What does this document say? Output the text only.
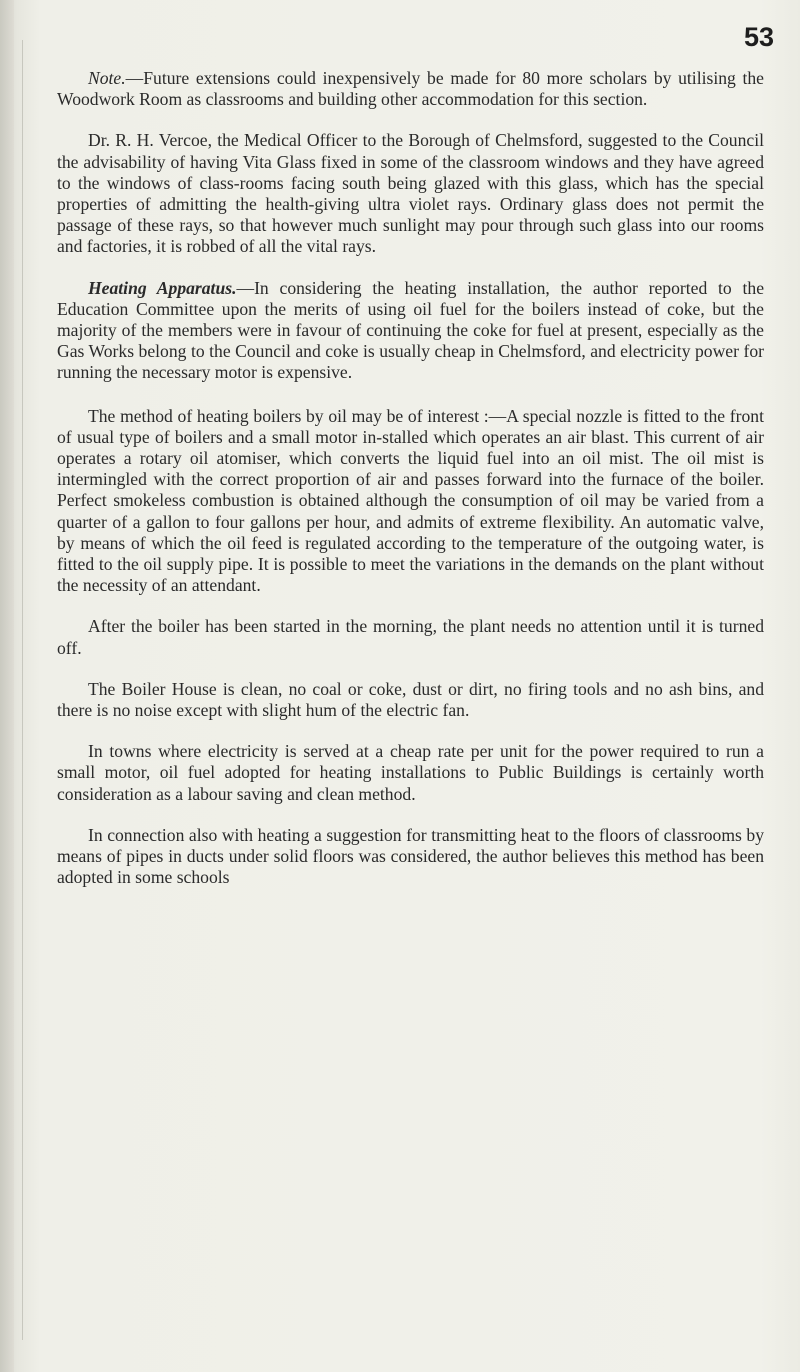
53

Note.—Future extensions could inexpensively be made for 80 more scholars by utilising the Woodwork Room as classrooms and building other accommodation for this section.

Dr. R. H. Vercoe, the Medical Officer to the Borough of Chelmsford, suggested to the Council the advisability of having Vita Glass fixed in some of the classroom windows and they have agreed to the windows of class-rooms facing south being glazed with this glass, which has the special properties of admitting the health-giving ultra violet rays. Ordinary glass does not permit the passage of these rays, so that however much sunlight may pour through such glass into our rooms and factories, it is robbed of all the vital rays.

Heating Apparatus.—In considering the heating installation, the author reported to the Education Committee upon the merits of using oil fuel for the boilers instead of coke, but the majority of the members were in favour of continuing the coke for fuel at present, especially as the Gas Works belong to the Council and coke is usually cheap in Chelmsford, and electricity power for running the necessary motor is expensive.

The method of heating boilers by oil may be of interest :—A special nozzle is fitted to the front of usual type of boilers and a small motor in-stalled which operates an air blast. This current of air operates a rotary oil atomiser, which converts the liquid fuel into an oil mist. The oil mist is intermingled with the correct proportion of air and passes forward into the furnace of the boiler. Perfect smokeless combustion is obtained although the consumption of oil may be varied from a quarter of a gallon to four gallons per hour, and admits of extreme flexibility. An automatic valve, by means of which the oil feed is regulated according to the temperature of the outgoing water, is fitted to the oil supply pipe. It is possible to meet the variations in the demands on the plant without the necessity of an attendant.

After the boiler has been started in the morning, the plant needs no attention until it is turned off.

The Boiler House is clean, no coal or coke, dust or dirt, no firing tools and no ash bins, and there is no noise except with slight hum of the electric fan.

In towns where electricity is served at a cheap rate per unit for the power required to run a small motor, oil fuel adopted for heating installations to Public Buildings is certainly worth consideration as a labour saving and clean method.

In connection also with heating a suggestion for transmitting heat to the floors of classrooms by means of pipes in ducts under solid floors was considered, the author believes this method has been adopted in some schools
